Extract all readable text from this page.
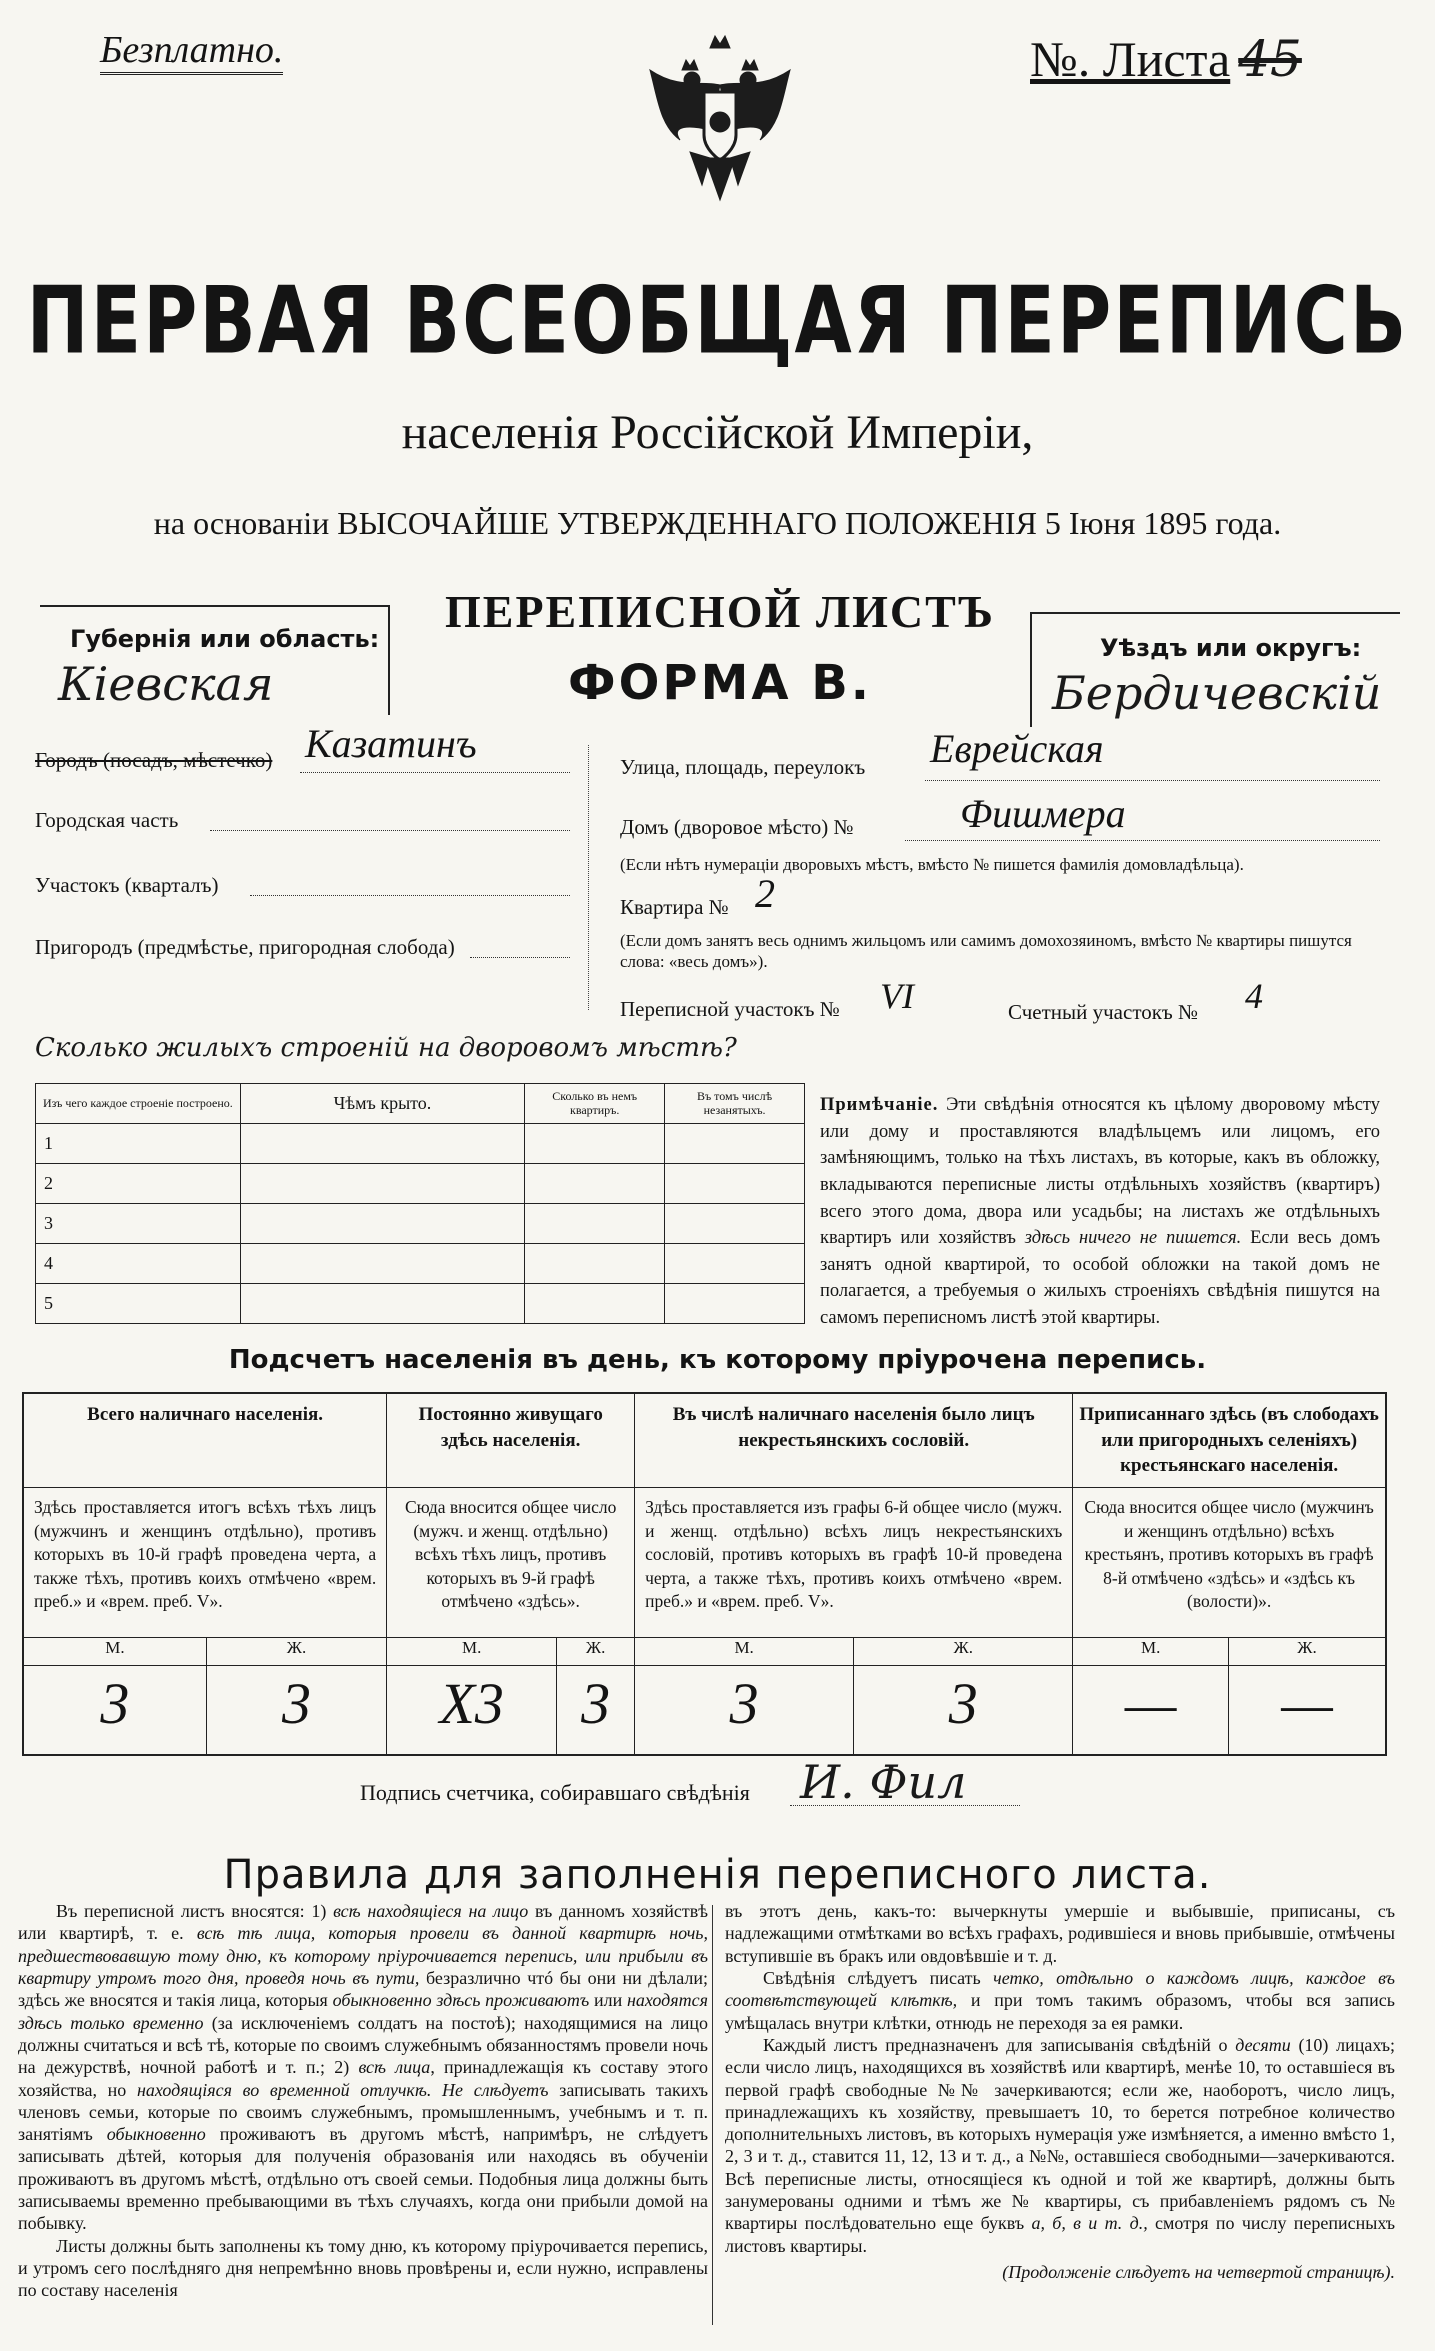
Безплатно.	№. Листа 45
ПЕРВАЯ ВСЕОБЩАЯ ПЕРЕПИСЬ
населенія Россійской Имперіи,
на основаніи ВЫСОЧАЙШЕ УТВЕРЖДЕННАГО ПОЛОЖЕНІЯ 5 Іюня 1895 года.
Губернія или область:
Кіевская
ПЕРЕПИСНОЙ ЛИСТЪ
ФОРМА В.
Уѣздъ или округъ:
Бердичевскій
Городъ (посадъ, мѣстечко) Казатинъ
Городская часть
Участокъ (кварталъ)
Пригородъ (предмѣстье, пригородная слобода)
Улица, площадь, переулокъ Еврейская
Домъ (дворовое мѣсто) №	Фишмера
(Если нѣтъ нумераціи дворовыхъ мѣстъ, вмѣсто № пишется фамилія домовладѣльца).
Квартира № 2
(Если домъ занятъ весь однимъ жильцомъ или самимъ домохозяиномъ, вмѣсто № квартиры пишутся слова: «весь домъ»).
Переписной участокъ № VI	Счетный участокъ № 4
Сколько жилыхъ строеній на дворовомъ мѣстѣ?
Изъ чего каждое строеніе построено.	Чѣмъ крыто.	Сколько въ немъ квартиръ.	Въ томъ числѣ незанятыхъ.
1			
2			
3			
4			
5			
Примѣчаніе. Эти свѣдѣнія относятся къ цѣлому дворовому мѣсту или дому и проставляются владѣльцемъ или лицомъ, его замѣняющимъ, только на тѣхъ листахъ, въ которые, какъ въ обложку, вкладываются переписные листы отдѣльныхъ хозяйствъ (квартиръ) всего этого дома, двора или усадьбы; на листахъ же отдѣльныхъ квартиръ или хозяйствъ здѣсь ничего не пишется. Если весь домъ занятъ одной квартирой, то особой обложки на такой домъ не полагается, а требуемыя о жилыхъ строеніяхъ свѣдѣнія пишутся на самомъ переписномъ листѣ этой квартиры.
Подсчетъ населенія въ день, къ которому пріурочена перепись.
Всего наличнаго населенія.		Постоянно живущаго здѣсь населенія.		Въ числѣ наличнаго населенія было лицъ некрестьянскихъ сословій.		Приписаннаго здѣсь (въ слободахъ или пригородныхъ селеніяхъ) крестьянскаго населенія.	
Здѣсь проставляется итогъ всѣхъ тѣхъ лицъ (мужчинъ и женщинъ отдѣльно), противъ которыхъ въ 10-й графѣ проведена черта, а также тѣхъ, противъ коихъ отмѣчено «врем. преб.» и «врем. преб. V».		Сюда вносится общее число (мужч. и женщ. отдѣльно) всѣхъ тѣхъ лицъ, противъ которыхъ въ 9-й графѣ отмѣчено «здѣсь».		Здѣсь проставляется изъ графы 6-й общее число (мужч. и женщ. отдѣльно) всѣхъ лицъ некрестьянскихъ сословій, противъ которыхъ въ графѣ 10-й проведена черта, а также тѣхъ, противъ коихъ отмѣчено «врем. преб.» и «врем. преб. V».		Сюда вносится общее число (мужчинъ и женщинъ отдѣльно) всѣхъ крестьянъ, противъ которыхъ въ графѣ 8-й отмѣчено «здѣсь» и «здѣсь къ (волости)».	
М.	Ж.	М.	Ж.	М.	Ж.	М.	Ж.
3	3	X3	3	3	3	—	—
Подпись счетчика, собиравшаго свѣдѣнія И. Фил
Правила для заполненія переписного листа.

Въ переписной листъ вносятся: 1) всѣ находящіеся на лицо въ данномъ хозяйствѣ или квартирѣ, т. е. всѣ тѣ лица, которыя провели въ данной квартирѣ ночь, предшествовавшую тому дню, къ которому пріурочивается перепись, или прибыли въ квартиру утромъ того дня, проведя ночь въ пути, безразлично чтó бы они ни дѣлали; здѣсь же вносятся и такія лица, которыя обыкновенно здѣсь проживаютъ или находятся здѣсь только временно (за исключеніемъ солдатъ на постоѣ); находящимися на лицо должны считаться и всѣ тѣ, которые по своимъ служебнымъ обязанностямъ провели ночь на дежурствѣ, ночной работѣ и т. п.; 2) всѣ лица, принадлежащія къ составу этого хозяйства, но находящіяся во временной отлучкѣ. Не слѣдуетъ записывать такихъ членовъ семьи, которые по своимъ служебнымъ, промышленнымъ, учебнымъ и т. п. занятіямъ обыкновенно проживаютъ въ другомъ мѣстѣ, напримѣръ, не слѣдуетъ записывать дѣтей, которыя для полученія образованія или находясь въ обученіи проживаютъ въ другомъ мѣстѣ, отдѣльно отъ своей семьи. Подобныя лица должны быть записываемы временно пребывающими въ тѣхъ случаяхъ, когда они прибыли домой на побывку.

Листы должны быть заполнены къ тому дню, къ которому пріурочивается перепись, и утромъ сего послѣдняго дня непремѣнно вновь провѣрены и, если нужно, исправлены по составу населенія

въ этотъ день, какъ-то: вычеркнуты умершіе и выбывшіе, приписаны, съ надлежащими отмѣтками во всѣхъ графахъ, родившіеся и вновь прибывшіе, отмѣчены вступившіе въ бракъ или овдовѣвшіе и т. д.

Свѣдѣнія слѣдуетъ писать четко, отдѣльно о каждомъ лицѣ, каждое въ соотвѣтствующей клѣткѣ, и при томъ такимъ образомъ, чтобы вся запись умѣщалась внутри клѣтки, отнюдь не переходя за ея рамки.

Каждый листъ предназначенъ для записыванія свѣдѣній о десяти (10) лицахъ; если число лицъ, находящихся въ хозяйствѣ или квартирѣ, менѣе 10, то оставшіеся въ первой графѣ свободные №№ зачеркиваются; если же, наоборотъ, число лицъ, принадлежащихъ къ хозяйству, превышаетъ 10, то берется потребное количество дополнительныхъ листовъ, въ которыхъ нумерація уже измѣняется, а именно вмѣсто 1, 2, 3 и т. д., ставится 11, 12, 13 и т. д., а №№, оставшіеся свободными—зачеркиваются. Всѣ переписные листы, относящіеся къ одной и той же квартирѣ, должны быть занумерованы одними и тѣмъ же № квартиры, съ прибавленіемъ рядомъ съ № квартиры послѣдовательно еще буквъ а, б, в и т. д., смотря по числу переписныхъ листовъ квартиры.

(Продолженіе слѣдуетъ на четвертой страницѣ).
